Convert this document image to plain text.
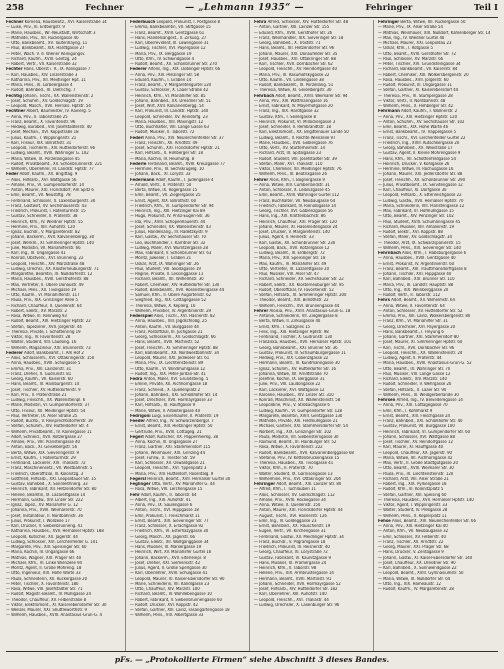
258	Fechner	— „Lehmann 1935“ —	Fehringer	Teil I
Fechner Kornelia, Hausbesitz., XVI. Kaiserstraße 14
— Luise, Priv., III. Erdbergstr. 9
— Marie, Hausbes., Wr.-Neustadt, Wirtschaft 3
— Mathilde, Priv., XII. Ruckergasse 46
— Otto, Bankbeamt., XV. Tautenhayng. 11
— Paul, Bankbeamt., XIX. Hardtgasse 27
— Peter, Wach. V. d. Wiener Reinigungsv.
— Richard, Kaufm., XVIII. Gentzg. 24
— Robert, Vertr., VII. Kaiserstraße 32
Fechter Hans, Oberst i. R., IX. Kolingasse 7
— Karl, Hausbes., XIV. Linzerstraße 3
— Katharina, Priv., XII. Meidlinger Hpt. 11
— Maria, Pens., III. Lorbeergasse 4
— Rudolf, Bahnbed., XI. Dietrichg. 7
Fechtig Johann, Tischl., XX. Wallensteinstr. 2
— Josef, Schuhm., XV. Goldschlagstr. 19
— Leopold, Masch., XVII. Hernals. Hptstr. 54
Fechtner Albert, Baumeister, IV. Rainerg. 5
— Anna, Priv., II. Taborstraße 25
— Franz, Beamt., X. Favoritenstr. 96
— Hedwig, Bürobed., VIII. Josefstädterstr. 40
— Josef, Mechan., XVI. Koppstraße 18
— Julius, Kaufm., I. Wipplingerstr. 21
— Karl, Friseur, XIX. Billrothstr. 31
— Leopold, Tischlerm., XIV. Hütteldorferstr. 96
— Ludwig, Beamt., XVIII. Währinger G. 102
— Maria, Witwe, IX. Porzellangasse 45
— Rudolf, Privatbeamt., XII. Schönbrunnerstr. 221
— Wilhelm, Oberlehrer, III. Landstr. Hptstr. 77
Feder Adolf, Kaufm., XX. Brigittag. 9
— Alois, Hilfsarb., XVI. Wattgasse 56
— Amalie, Priv., VI. Gumpendorferstr. 14
— Anton, Maurer, XXI. Floridsdorf, Am Spitz 6
— Emil, Beamt., VII. Neustiftg. 78
— Ferdinand, Schlosser, X. Laxenburgerstr. 30
— Franz, Gastwirt, XV. Sechshauserstr. 43
— Friedrich, Prokurist, I. Rotenturmstr. 15
— Gustav, Schneider, II. Praterstr. 38
— Heinrich, Kfm., IV. Wiedner Hptstr. 55
— Hermine, Priv., XIII. Auhofstr. 120
— Ignaz, Buchdr., V. Margaretenstr. 82
— Johann, Bäckerm., XVII. Kalvarienbergg. 30
— Josef, Werkm., XI. Simmeringer Hptstr. 140
— Julie, Modistin, VII. Mariahilferstr. 66
— Karl, Ing., III. Ungargasse 41
— Konrad, Obstverk., XVI. Brunneng. 22
— Leopold, Fleischh., XIV. Märzstraße 48
— Ludwig, Drechsl., XX. Klosterneuburgerstr. 71
— Margarethe, Beamtin, IX. Nußdorferstr. 12
— Maria, Hausbes., XVIII. Gersthoferstr. 88
— Max, Vertreter, II. Obere Donaustr. 49
— Michael, Pens., XII. Tivoligasse 19
— Otto, Kaufm., VI. Mariahilferstr. 117
— Paula, Priv., XIX. Grinzinger Allee 5
— Richard, Chauffeur, X. Quellenstr. 64
— Robert, Elektr., XV. Märzstr. 2
— Rosa, Witwe, III. Rennweg 93
— Rudolf, Beamt., XIII. Hietzinger Hptstr. 22
— Stefan, Tapezierer, XVII. Jörgerstr. 44
— Theresia, Private, I. Schottenring 19
— Viktor, Ing., IV. Favoritenstr. 28
— Walter, Student, VIII. Laudong. 16
— Wilhelm, Magazineur, XXI. Brünnerstr. 73
Federer Adolf, Bankbeamt., I. Am Hof 2
— Alois, Schlosserm., XVI. Ottakringerstr. 150
— Anna, Hausbes., XVIII. Schulgasse 5
— Emma, Priv., XIII. Lainzerstr. 31
— Franz, Dreher, X. Gudrunstr. 81
— Georg, Kaufm., VII. Kaiserstr. 60
— Hans, Beamt., III. Hainburgerstr. 14
— Josef, Tischler, XV. Hütteldorferstr. 9
— Karl, Priv., II. Praterstraße 21
— Ludwig, Fleischh., XX. Wallensteinpl. 6
— Marie, Modistin, VI. Gumpendorferstr. 37
— Otto, Friseur, XII. Meidlinger Hptstr. 54
— Paul, Vertreter, IX. Alser Straße 25
— Rudolf, Buchb., V. Reinprechtsdorferstr. 19
— Stefan, Schuhm., XIV. Hütteldorfer Str. 4
— Wilhelm, Privatbeamt., IV. Rainergasse 11
— Adolf, Schneid., XVII. Rötzergasse 27
— Amalie, Priv., VIII. Piaristengasse 40
— Anton, Bäck., XI. Geiselbergstr. 56
— Berta, Witwe, XIX. Sieveringerstr. 9
— Ernst, Kaufm., I. Rotenturmstr. 29
— Ferdinand, Lackierer, XVI. Thaliastr. 72
— Franz, Maschinensetz., VII. Westbahnstr. 5
— Friedrich, Oberoffizial, III. Kolonitzg. 3
— Gottfried, Hilfsarb., XXI. Leopoldauer Str. 15
— Gustav, Bahnbed., X. Sonnleithnerg. 33
— Heinrich, Fabrikant, XII. Hetzendorfer Str. 80
— Helene, Beamtin, IX. Lazarettgasse 14
— Hermann, Gastw., XIV. Linzer Str. 222
— Ignaz, Tapez., XV. Mariahilfer G. 12
— Johanna, Priv., XVIII. Weimarerstr. 70
— Josef, Installateur, II. Nordbahnstr. 36
— Julius, Prokurist, I. Wollzeile 17
— Karl, Drucker, V. Siebenbrunneng. 41
— Katharina, Hausbes., XVII. Hernalser Hptstr. 188
— Leopold, Kutscher, XX. Jägerstr. 44
— Ludwig, Schlosser, XVI. Lerchenfelder G. 101
— Margarete, Priv., XIII. Speisinger Str. 60
— Maria, Köchin, III. Ungargasse 66
— Mathias, Wagner, XXI. Prager Str. 40
— Michael, Kfm., VI. Linke Wienzeile 94
— Moritz, Agent, II. Große Mohreng. 18
— Otto, Ingenieur, XIX. Hohe Warte 33
— Paula, Schneiderin, XII. Ruckergasse 20
— Peter, Tischler, X. Favoritenstr. 180
— Rosa, Witwe, VIII. Josefstädter Str. 71
— Rudolf, Magistr.-Beamt., IV. Mühlgasse 24
— Theodor, Chauffeur, XV. Felberstraße 8
— Viktor, Elektromont., XI. Kaiserebersdorfer Str. 30
— Wenzel, Maurer, XXI. Shuttleworthstr. 9
— Wilhelm, Hausbes., XVIII. Anastasius-Grün-G. 4
Federbusch Leopold, Prokurist, I. Postgasse 8
— Emma, Bankbeamtin, VII. Stiftgasse 15
— Franz, Beamt., XVIII. Gentzgasse 61
— Hans, Handelsangest., II. Zirkusg. 27
— Karl, Oberrevident, III. Löwengasse 31
— Ludwig, Tischler, XVI. Payergasse 12
— Maria, Priv., IX. Berggasse 19
— Otto, Kfm., IV. Schwindgasse 4
— Rudolf, Beamt., XII. Schönbrunner Str. 270
Federer Alfons, Ing., XIX. Döblinger Hptstr. 66
— Anna, Priv., XIV. Penzinger Str. 58
— Eduard, Kaufm., I. Graben 14
— Franz, Beamt., V. Margaretengürtel 120
— Gustav, Schlosser, X. Laaer Straße 42
— Heinrich, Kfm., VI. Mariahilfer Str. 85
— Johann, Bahnbed., XX. Dresdner Str. 51
— Josef, Wirt, XVII. Kalvarienbergg. 54
— Karl, Prokurist, III. Landstr. Hptstr. 140
— Leopold, Schneider, XV. Reindorfg. 23
— Maria, Hausbes., XIII. Maxingstr. 12
— Otto, Buchhalter, VIII. Lange Gasse 63
— Rudolf, Musiker, II. Taborstr. 72
Federl Anna, Priv., XVI. Neulerchenfelder Str. 37
— Franz, Fleischh., XII. Arndtstr. 49
— Josef, Schuhm., XXI. Floridsdorfer Hptstr. 21
— Karl, Hilfsarb., X. Himberger Str. 18
— Maria, Köchin, IV. Heumühlg. 8
Federle Ferdinand, Beamt., XVIII. Kreuzgasse 77
— Hermine, Priv., III. Sechskrügelg. 10
— Johann, Bäck., XI. Lorystr. 33
Federmann Adolf, Kaufm., I. Judengasse 4
— Arnold, Vertr., II. Praterstr. 54
— Berta, Witwe, IX. Rögergasse 15
— Emil, Beamt., VII. Zieglergasse 25
— Ernst, Agent, XIX. Billrothstr. 60
— Friedrich, Kfm., VI. Gumpendorfer Str. 94
— Heinrich, Ing., XIII. Hietzinger Kai 89
— Hugo, Prokurist, IV. Prinz-Eugen-Str. 36
— Ida, Priv., XVIII. Schopenhauerstr. 44
— Josef, Schneider, XX. Wallensteinstr. 43
— Julius, Handelsang., III. Radetzkystr. 9
— Karl, Gastw., XV. Sechshauser Str. 70
— Leo, Buchhändler, I. Kärntner Str. 32
— Ludwig, Maler, XVI. Wurlitzergasse 28
— Max, Fabrikant, V. Schönbrunner Str. 63
— Moritz, Juwelier, I. Graben 21
— Oskar, Arzt, IX. Währinger Str. 26
— Paul, Student, VIII. Skodagasse 19
— Regine, Private, II. Lessinggasse 11
— Richard, Beamt., XII. Wilhelmstr. 30
— Robert, Chemiker, XIV. Hütteldorfer Str. 130
— Rudolf, Bankbeamt., XVII. Rosensteingasse 44
— Samuel, Kfm., II. Obere Augartenstr. 62
— Siegfried, Ing., XIX. Cottagegasse 52
— Theresia, Witwe, X. Keplerg. 16
— Wilhelm, Privatier, IV. Argentinierstr. 29
Federspiel Alois, Tischl., XVI. Hasnerstr. 82
— Anna, Hausbes., XIII. Jagdschloßg. 25
— Anton, Kaufm., VII. Burggasse 44
— Franz, Postoffizial, III. Juchgasse 21
— Georg, Schlosserm., XV. Goldschlagstr. 66
— Hans, Beamt., XVIII. Martinstr. 52
— Josef, Fleischh., XI. Simmeringer Hptstr. 88
— Karl, Bahnbeamt., XX. Nordwestbahnstr. 34
— Leopold, Maurer, XXI. Jedleseer Str. 61
— Maria, Priv., IX. Liechtensteinstr. 89
— Otto, Kaufm., VI. Windmühlgasse 12
— Rudolf, Ing., XIX. Peter-Jordan-Str. 41
Fedra Anton, Maler, XVI. Grundsteing. 5
— Emilie, Private, XII. Aichhorngasse 18
— Franz, Schneid., X. Quellenplatz 2
— Johann, Bahnbed., XXI. Schloßhofer Str. 14
— Josef, Drechsler, XVII. Hormayrgasse 33
— Karl, Hilfsarb., XI. Hauffgasse 9
— Marie, Witwe, V. Arbeitergasse 40
Fedrigoni Luigi, Eisverkäufer, II. Praterstr. 19
Feeder Alfred, Ing., IV. Schwarzenbergpl. 7
— Ernst, Beamt., XIII. Hietzinger Hptstr. 50
— Gertrude, Priv., XVIII. Cottageg. 21
Fegerl Adolf, Kutscher, XX. Pappenheimg. 38
— Anna, Köchin, III. Ungargasse 27
— Franz, Gärtner, XXI. Stammersdorf 115
— Johann, Weinhauer, XIX. Grinzing 44
— Josef, Fuhrw., X. Triester Str. 59
— Karl, Schlosser, XII. Oswaldgasse 21
— Leopold, Fleischh., XVI. Yppenplatz 3
— Maria, Priv., XIV. Hütteldorf, Rosentalg. 9
Fegersl Heinrich, Beamt., XVII. Hernalser Gürtel 30
Feglinger Otto, Vertr., XV. Mariahilfer G. 44
— Rosa, Witwe, VIII. Lerchengasse 15
Fehr Adolf, Kaufm., II. Taborstr. 64
— Albert, Ing., XIII. Auhofstr. 41
— Anna, Priv., IX. Säulengasse 6
— Anton, Tischl., XVI. Hippgasse 18
— Emil, Prokurist, I. Fleischmarkt 11
— Ernst, Beamt., XIX. Sieveringer Str. 77
— Franz, Schlosser, X. Erlachgasse 92
— Friedrich, Kfm., VI. Esterhazygasse 30
— Georg, Masch., XX. Jägerstr. 66
— Gustav, Elektr., XII. Wolfganggasse 34
— Hans, Musiker, III. Marxergasse 19
— Heinrich, Wirt, XV. Mariahilfer Gürtel 16
— Johann, Bäckerm., XVII. Elterleinpl. 8
— Josef, Dreher, XXI. Siemensstr. 42
— Julius, Agent, II. Große Sperlgasse 30
— Karl, Oberlehrer, XVIII. Schulgasse 41
— Leopold, Maurer, XI. Kaiser-Ebersdorfer Str. 90
— Marie, Schneiderin, VII. Kandlgasse 23
— Otto, Chauffeur, XIV. Märzstr. 100
— Richard, Beamt., IV. Wohllebengasse 10
— Robert, Fabrikant, V. Siebenbrunnengasse 60
— Rudolf, Drucker, XVI. Koppstr. 42
— Stefan, Gärtner, XIII. Lainz, Fasangartengasse 18
— Wilhelm, Pens., VIII. Albertgasse 33
Fehra Alfred, Schlosser, XIV. Hütteldorfer Str. 48
— Anton, Gärtner, XIII. Lainzer Str. 155
— Eduard, Kfm., XVIII. Gersthofer Str. 26
— Franz, Weinhändler, XIX. Sieveringer Str. 18
— Georg, Bahnbed., X. Troststr. 71
— Hans, Beamt., XII. Hetzendorfer Str. 96
— Johann, Maurer, XXI. Donaufelder Str. 35
— Josef, Hausbes., XVI. Ottakringer Str. 88
— Karl, Tischler, XVII. Dornbacher Str. 62
— Leopold, Fleischh., XV. Reindorfgasse 40
— Maria, Priv., III. Rasumofskygasse 22
— Otto, Kaufm., VII. Lindengasse 38
— Rudolf, Bankbeamt., IX. Porzellang. 51
— Theresia, Witwe, XI. Geiselbergstr. 30
Fehrbach Adolf, Beamt., XVIII. Weimarer Str. 94
— Anna, Priv., XIII. Wattmanngasse 16
— Ernst, Fabrikant, IV. Mayerhofgasse 20
— Franz, Ing., XIX. Hardtgasse 32
— Gustav, Kfm., I. Seilergasse 8
— Heinrich, Prokurist, VI. Millöckergasse 3
— Josef, Schneider, II. Rembrandtstr. 18
— Karl, Elektromont., XX. Brigittenauer Lände 50
— Ludwig, Beamt., V. Rechte Wienzeile 97
— Marie, Hausbes., XVII. Geblergasse 76
— Otto, Vertr., XV. Stutterheimstr. 14
— Richard, Arzt, IX. Spitalgasse 23
— Rudolf, Student, VIII. Josefstädter Str. 39
— Stefan, Maler, XVI. Thaliastr. 110
— Viktor, Chemiker, XII. Meidlinger Hptstr. 76
— Wilhelm, Pens., III. Beatrixgasse 26
Fehrer Alois, Kfm., I. Bognergasse 9
— Anna, Witwe, XIV. Cumberlandstr. 31
— Anton, Schlosser, X. Leibnizgasse 45
— Emil, Beamt., XVIII. Währinger Gürtel 112
— Franz, Buchhalter, VII. Neubaugasse 64
— Friedrich, Fabrikant, IV. Rienößlgasse 14
— Georg, Tischler, XVI. Gablenzgasse 56
— Hans, Ing., XIX. Krottenbachstr. 86
— Heinrich, Chauffeur, XXI. Prager Str. 120
— Johann, Maurer, XI. Hasenleitengasse 24
— Josef, Drucker, V. Margaretenstr. 140
— Julius, Agent, II. Heinestr. 33
— Karl, Gastw., XII. Schönbrunner Str. 230
— Leopold, Bäck., XVII. Rötzergasse 12
— Ludwig, Beamt., III. Erdbergstr. 72
— Maria, Priv., XIII. Speisinger Str. 18
— Max, Kaufm., VI. Mariahilfer Str. 49
— Otto, Vertreter, IX. Lazarettgasse 20
— Paul, Musiker, VIII. Alser Str. 47
— Richard, Schneider, XV. Sechshauser Str. 22
— Robert, Elektr., XX. Klosterneuburger Str. 95
— Rudolf, Oberoffizial, IV. Favoritenstr. 52
— Stefan, Hilfsarb., XI. Simmeringer Hptstr. 200
— Theodor, Beamt., XIX. Billrothstr. 22
— Wilhelm, Fleischh., XVI. Brunnengasse 44
Fehrer Aloisia, Priv., XVIII. Anastasius-Grün-G. 18
— Antonie, Schneiderin, VII. Zieglergasse 8
— Berta, Witwe, II. Zirkusgasse 40
— Ernst, Kfm., I. Salzgries 15
— Felix, Ing., XIII. Hietzinger Hptstr. 98
— Ferdinand, Tischler, X. Gudrunstr. 130
— Franziska, Hausbes., XVII. Hernalser Hptstr. 101
— Georg, Bahnbeamt., XXI. Brünner Str. 36
— Gustav, Prokurist, IV. Schaumburgergasse 11
— Hedwig, Priv., XIX. Cobenzlgasse 22
— Hermann, Beamt., III. Kundmanngasse 30
— Ignaz, Schuhm., XV. Hütteldorfer Str. 16
— Johanna, Witwe, XII. Arndtstraße 70
— Josefine, Köchin, IX. Berggasse 31
— Julie, Priv., VIII. Laudongasse 22
— Karl, Lackierer, XVI. Wattgasse 12
— Karoline, Hausbes., XIV. Linzer Str. 310
— Konrad, Maschinist, XX. Wallensteinstr. 58
— Leopoldine, Priv., V. Strobachgasse 6
— Ludwig, Kaufm., VI. Gumpendorfer Str. 128
— Margarete, Beamtin, XVIII. Gentzgasse 130
— Mathilde, Private, XIII. Feldmühlgasse 21
— Michael, Gärtner, XXI. Stammersdorfer Str. 54
— Norbert, Ing., XIX. Grinzinger Str. 102
— Paula, Modistin, VII. Siebensterngasse 30
— Raimund, Beamt., III. Hainburger Str. 52
— Rosa, Witwe, X. Favoritenstr. 222
— Rudolf, Bankbeamt., XVII. Kalvarienberggasse 68
— Stefanie, Priv., IV. Kettenbrückengasse 15
— Theresia, Hausbes., XII. Tivoligasse 41
— Viktor, Kfm., II. Praterstr. 70
— Walter, Student, IX. Garnisongasse 13
— Wilhelmine, Priv., XVI. Ottakringer Str. 204
Fehringer Adolf, Beamt., XIII. Lainzer Str. 80
— Alfred, Kfm., I. Tuchlauben 11
— Alois, Schlosser, XV. Goldschlagstr. 112
— Amalie, Priv., XVIII. Hockegasse 34
— Anna, Witwe, X. Quellenstr. 150
— Anton, Maurer, XXI. Floridsdorfer Hptstr. 44
— August, Tischl., XVI. Hasnerstr. 126
— Emil, Ing., IV. Goldeggasse 23
— Ernst, Bahnbed., XX. Rauscherstr. 19
— Eugen, Vertr., VII. Kirchengasse 31
— Ferdinand, Gastw., XII. Meidlinger Hptstr. 34
— Franz, Buchdr., V. Pilgramgasse 18
— Friedrich, Prokurist, III. Reisnerstr. 40
— Georg, Chauffeur, XI. Lorystraße 72
— Gustav, Fabrikant, VI. Kaunitzgasse 9
— Hans, Musiker, IX. Pramergasse 24
— Heinrich, Kfm., II. Taborstr. 98
— Helene, Priv., XIX. Armbrustergasse 14
— Hermann, Beamt., XVIII. Martinstr. 91
— Johann, Schneider, XVII. Hormayrgasse 52
— Josef, Hilfsarb., XIV. Hütteldorfer Str. 182
— Karl, Oberlehrer, XIII. Auhofstr. 140
— Leopold, Fleischh., XVI. Thaliastr. 44
— Ludwig, Drechsler, X. Laxenburger Str. 96
Fehringer Berta, Witwe, XII. Ruckergasse 50
— Marie, Priv., IX. Alser Straße 54
— Mathias, Weinhauer, XIX. Nußdorf, Kahlenberger Str. 14
— Max, Ing., IV. Wiedner Gürtel 40
— Michael, Maurer, XXI. Leopoldau 23
— Oskar, Kfm., I. Rotgasse 5
— Otto, Beamt., XVIII. Gersthofer Str. 72
— Paul, Schlosser, XV. Märzstr. 66
— Peter, Tischler, XVI. Grundsteingasse 34
— Richard, Bankbeamt., VII. Kaiserstr. 84
— Robert, Chemiker, XIII. Wolkersbergenstr. 20
— Rosa, Hausbes., XVII. Jörgerstr. 60
— Rudolf, Prokurist, III. Ungargasse 11
— Stefan, Gärtner, XI. Kaiserebersdorf 44
— Theresia, Priv., VI. Stumpergasse 28
— Viktor, Vertr., II. Nordbahnstr. 48
— Wilhelm, Pens., X. Himberger Str. 42
Fehrmann Adolf, Kaufm., I. Wallnerstr. 2
— Anna, Priv., XIII. Hietzinger Hptstr. 120
— Anton, Schuhm., XV. Sechshauser Str. 102
— Emil, Beamt., XIX. Hohe Warte 46
— Ernst, Bankbeamt., IV. Trappelgasse 5
— Franz, Tischl., XVI. Lerchenfelder Gürtel 22
— Friedrich, Ing., XVIII. Kutschkergasse 20
— Georg, Bahnbed., XX. Wexstraße 17
— Gustav, Agent, II. Kleine Mohrengasse 9
— Hans, Kfm., VII. Schottenfeldgasse 54
— Heinrich, Drucker, V. Kohlgasse 26
— Hermine, Witwe, III. Rochusgasse 16
— Johann, Maurer, XXI. Jedlersdorfer Str. 88
— Josef, Fleischh., XII. Schönbrunner Str. 290
— Julius, Privatbeamt., IX. Servitengasse 12
— Karl, Chauffeur, XI. Dorfgasse 30
— Leopold, Hilfsarb., X. Ettenreichgasse 22
— Ludwig, Gastw., XVII. Hernalser Hptstr. 70
— Maria, Schneiderin, VIII. Piaristengasse 12
— Max, Fabrikant, VI. Hofmühlgasse 15
— Otto, Beamt., XIV. Penzinger Str. 102
— Paul, Student, XVIII. Schumanngasse 45
— Richard, Musiker, XIII. Amalienstr. 19
— Rudolf, Elektr., XVI. Koppstr. 88
— Stefan, Maler, XV. Goldschlagstr. 34
— Theodor, Arzt, IX. Schwarzspanierstr. 15
— Wilhelm, Pens., XIX. Sieveringer Str. 140
Fehrnbach Alois, Kfm., I. Habsburgergasse 6
— Anna, Hausbes., XVIII. Gentzgasse 40
— Ernst, Prokurist, IV. Argentinierstr. 60
— Franz, Beamt., XIII. Trauttmansdorffgasse 8
— Johann, Tischler, XVI. Hippgasse 40
— Karl, Bahnbed., XXI. Brünner Str. 110
— Maria, Priv., III. Landstr. Hauptstr. 88
— Otto, Ing., XIX. Weinberggasse 20
— Rudolf, Vertr., II. Taborstr. 112
Fehrs Adolf, Beamt., XII. Wilhelmstr. 64
— Anna, Witwe, X. Favoritenstr. 64
— Anton, Schlosser, XV. Hütteldorfer Str. 52
— Emma, Priv., XIII. Lainz, Wolkersbergenstr. 80
— Franz, Kfm., VI. Mariahilfer Str. 31
— Georg, Drechsler, XVI. Payergasse 20
— Hans, Bankbeamt., I. Freyung 6
— Johann, Gärtner, XXI. Stammersdorf 80
— Josef, Maurer, XI. Simmeringer Hptstr. 60
— Karl, Tischl., XVII. Dornbacher Str. 96
— Leopold, Fleischh., XX. Wallensteinstr. 24
— Ludwig, Agent, II. Praterstr. 44
— Maria, Hausbes., XVIII. Anastasius-Grün-G. 52
— Otto, Beamt., IX. Währinger Str. 70
— Paul, Musiker, VIII. Lange Gasse 12
— Richard, Elektr., XIV. Märzstr. 140
— Rudolf, Schneider, V. Wehrgasse 20
— Stefan, Hilfsarb., X. Laaer Str. 90
— Wilhelm, Pens., III. Weißgerberlände 30
Fehrsen Alfred, Ing., IV. Belvederegasse 14
— Anna, Priv., XIX. Cottagegasse 70
— Emil, Kfm., I. Kohlmarkt 9
— Ernst, Beamt., XIII. Fleschgasse 24
— Franz, Bahnbed., XXI. Schloßhofer Str. 40
— Gustav, Prokurist, VII. Burggasse 100
— Heinrich, Fabrikant, VI. Gumpendorfer Str. 60
— Johann, Schlosser, XVI. Wattgasse 88
— Josef, Tischler, XV. Reindorfgasse 12
— Karl, Maurer, XI. Hauffgasse 40
— Leopold, Chauffeur, XX. Jägerstr. 90
— Maria, Witwe, XII. Aichhorngasse 42
— Max, Vertr., II. Große Stadtgutgasse 20
— Otto, Beamt., XVIII. Weimarer Str. 30
— Paula, Priv., IX. Liechtensteinstr. 120
— Richard, Arzt, VIII. Alser Straße 21
— Robert, Ing., XIX. Pyrkergasse 18
— Rudolf, Kfm., III. Kolonitzplatz 5
— Stefan, Gärtner, XIII. Speising 60
— Theresia, Hausbes., XVII. Hernalser Hptstr. 140
— Viktor, Agent, I. Wipplingerstr. 33
— Walter, Student, IV. Preßgasse 28
— Wilhelm, Pens., X. Keplerplatz 11
Fehse Alois, Beamt., XVI. Neulerchenfelder Str. 66
— Anna, Priv., XIII. Hietzinger Kai 40
— Anton, Kfm., VII. Neubaugasse 32
— Emil, Schlosser, XV. Felberstr. 40
— Franz, Tischler, XII. Arndtstr. 22
— Georg, Maurer, XXI. Prager Str. 68
— Hans, Drucker, V. Zentagasse 9
— Johann, Gastw., XI. Kaiser-Ebersdorfer Str. 140
— Josef, Chauffeur, XX. Dresdner Str. 90
— Karl, Bahnbed., X. Sonnwendgasse 22
— Leopold, Beamt., XVIII. Gymnasiumstr. 50
— Maria, Witwe, IX. Nußdorfer Str. 64
— Otto, Ing., XIX. Hameaustr. 12
— Rudolf, Kaufm., IV. Margaretenstr. 28
pFs. — „Protokollierte Firmen“ siehe Abschnitt 3 dieses Bandes.
